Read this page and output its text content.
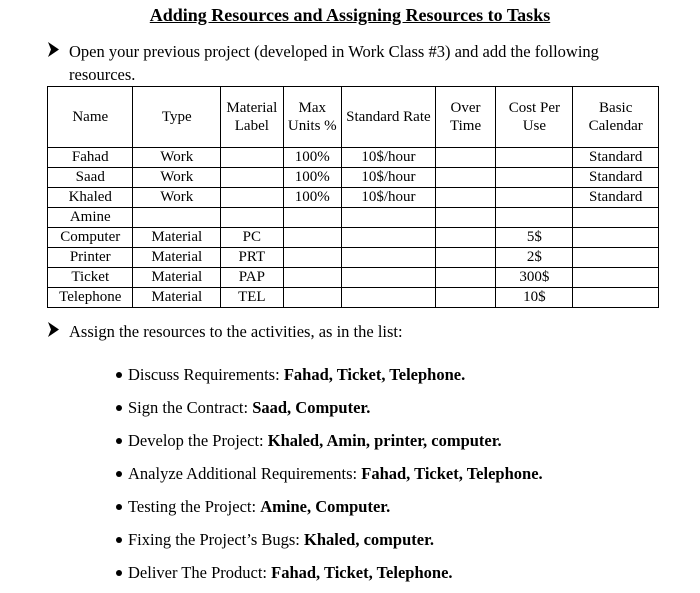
Adding Resources and Assigning Resources to Tasks
Open your previous project (developed in Work Class #3) and add the following resources.
Name	Type	Material Label	Max Units %	Standard Rate	Over Time	Cost Per Use	Basic Calendar
Fahad	Work		100%	10$/hour			Standard
Saad	Work		100%	10$/hour			Standard
Khaled	Work		100%	10$/hour			Standard
Amine							
Computer	Material	PC				5$	
Printer	Material	PRT				2$	
Ticket	Material	PAP				300$	
Telephone	Material	TEL				10$	
Assign the resources to the activities, as in the list:
Discuss Requirements: Fahad, Ticket, Telephone.
Sign the Contract: Saad, Computer.
Develop the Project: Khaled, Amin, printer, computer.
Analyze Additional Requirements: Fahad, Ticket, Telephone.
Testing the Project: Amine, Computer.
Fixing the Project’s Bugs: Khaled, computer.
Deliver The Product: Fahad, Ticket, Telephone.
